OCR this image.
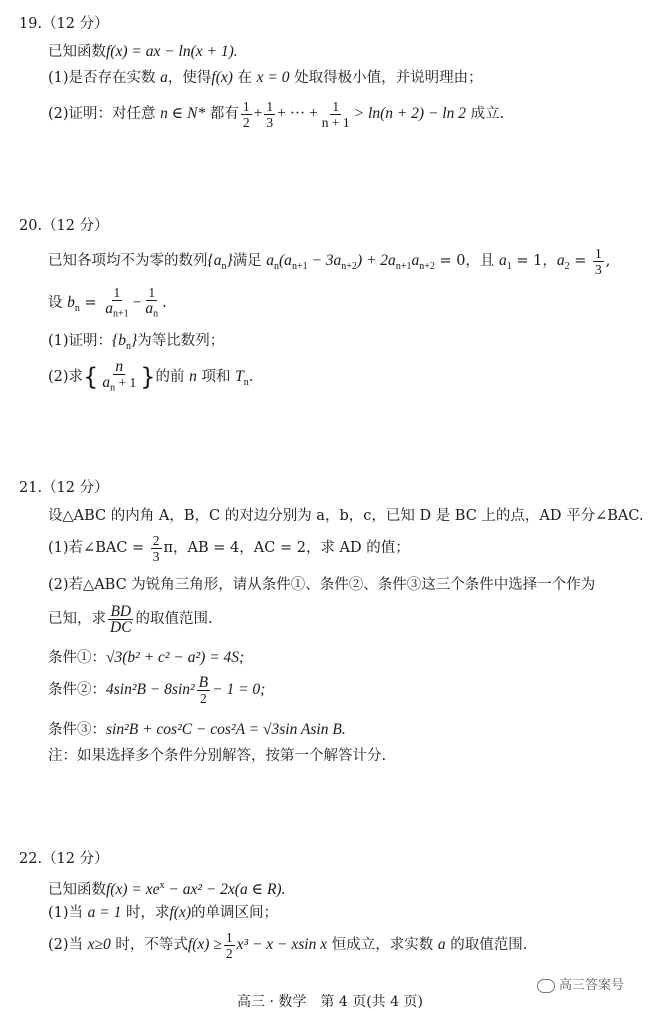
19.（12 分）
已知函数f(x) = ax − ln(x + 1).
(1)是否存在实数 a，使得f(x) 在 x = 0 处取得极小值，并说明理由；
(2)证明：对任意 n ∈ N* 都有 $\frac{1}{2} + \frac{1}{3}$ + ··· + $\frac{1}{n + 1} > \ln(n + 2) - \ln 2$ 成立.
20.（12 分）
已知各项均不为零的数列$\{a_n\}$满足 $a_n(a_{n+1} - 3a_{n+2}) + 2a_{n+1}a_{n+2} = 0$，且 $a_1 = 1$，$a_2 = \frac{1}{3}$ ,
设 $b_n = \frac{1}{a_{n+1}} - \frac{1}{a_n}$ .
(1)证明：$\{b_n\}$为等比数列；
(2)求{ $\frac{n}{a_n + 1}$ }的前 n 项和 $T_n$.
21.（12 分）
设△ABC 的内角 A，B，C 的对边分别为 a，b，c，已知 D 是 BC 上的点，AD 平分∠BAC.
(1)若∠BAC = $\frac{2}{3}$ π，AB = 4，AC = 2，求 AD 的值；
(2)若△ABC 为锐角三角形，请从条件①、条件②、条件③这三个条件中选择一个作为
已知，求 $\frac{BD}{DC}$ 的取值范围.
条件①：√3(b² + c² − a²) = 4S;
条件②：$4\sin^2B - 8\sin^2 \frac{B}{2} - 1 = 0$;
条件③：sin²B + cos²C − cos²A = √3sin Asin B.
注：如果选择多个条件分别解答，按第一个解答计分.
22.（12 分）
已知函数$f(x) = xe^x - ax^2 - 2x(a$ ∈ R).
(1)当 a = 1 时，求f(x)的单调区间；
(2)当 x≥0 时，不等式$f(x) \ge \frac{1}{2} x^3 - x - xsin$ x 恒成立，求实数 a 的取值范围.
高三答案号
高三 · 数学　第 4 页(共 4 页)
